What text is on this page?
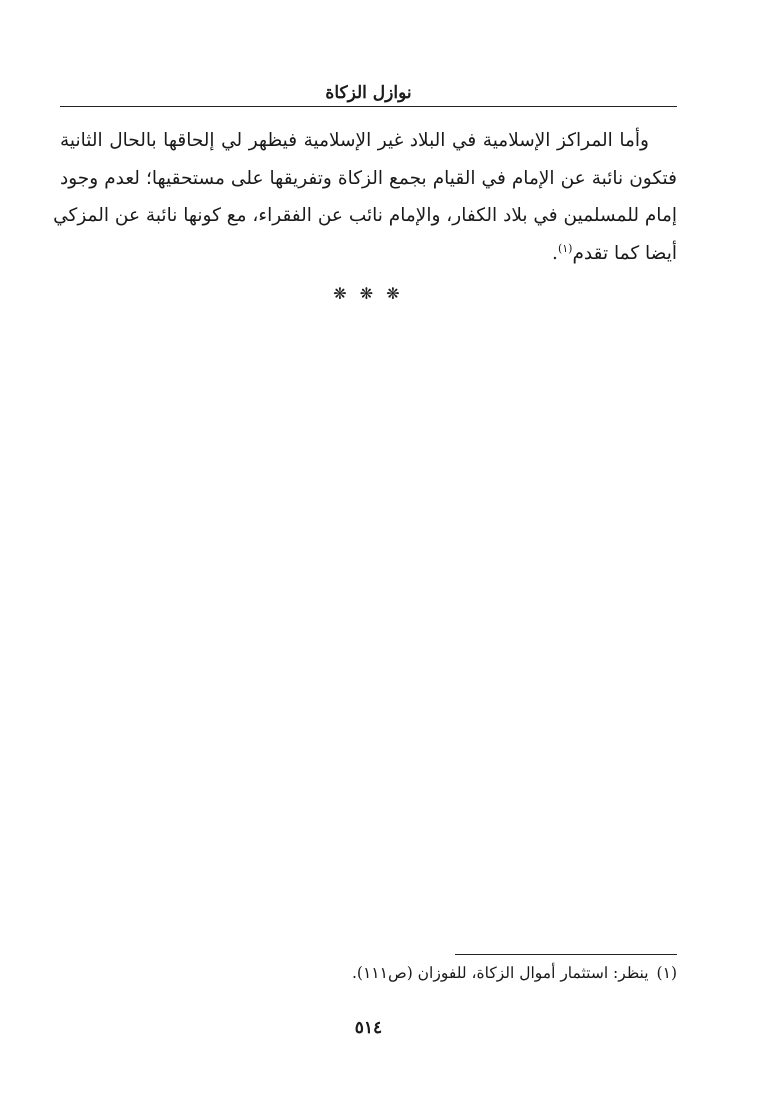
نوازل الزكاة
وأما المراكز الإسلامية في البلاد غير الإسلامية فيظهر لي إلحاقها بالحال الثانية
فتكون نائبة عن الإمام في القيام بجمع الزكاة وتفريقها على مستحقيها؛ لعدم وجود
إمام للمسلمين في بلاد الكفار، والإمام نائب عن الفقراء، مع كونها نائبة عن المزكي
أيضا كما تقدم$^{(١)}$.
❋ ❋ ❋
(١)ينظر: استثمار أموال الزكاة، للفوزان (ص١١١).
٥١٤
